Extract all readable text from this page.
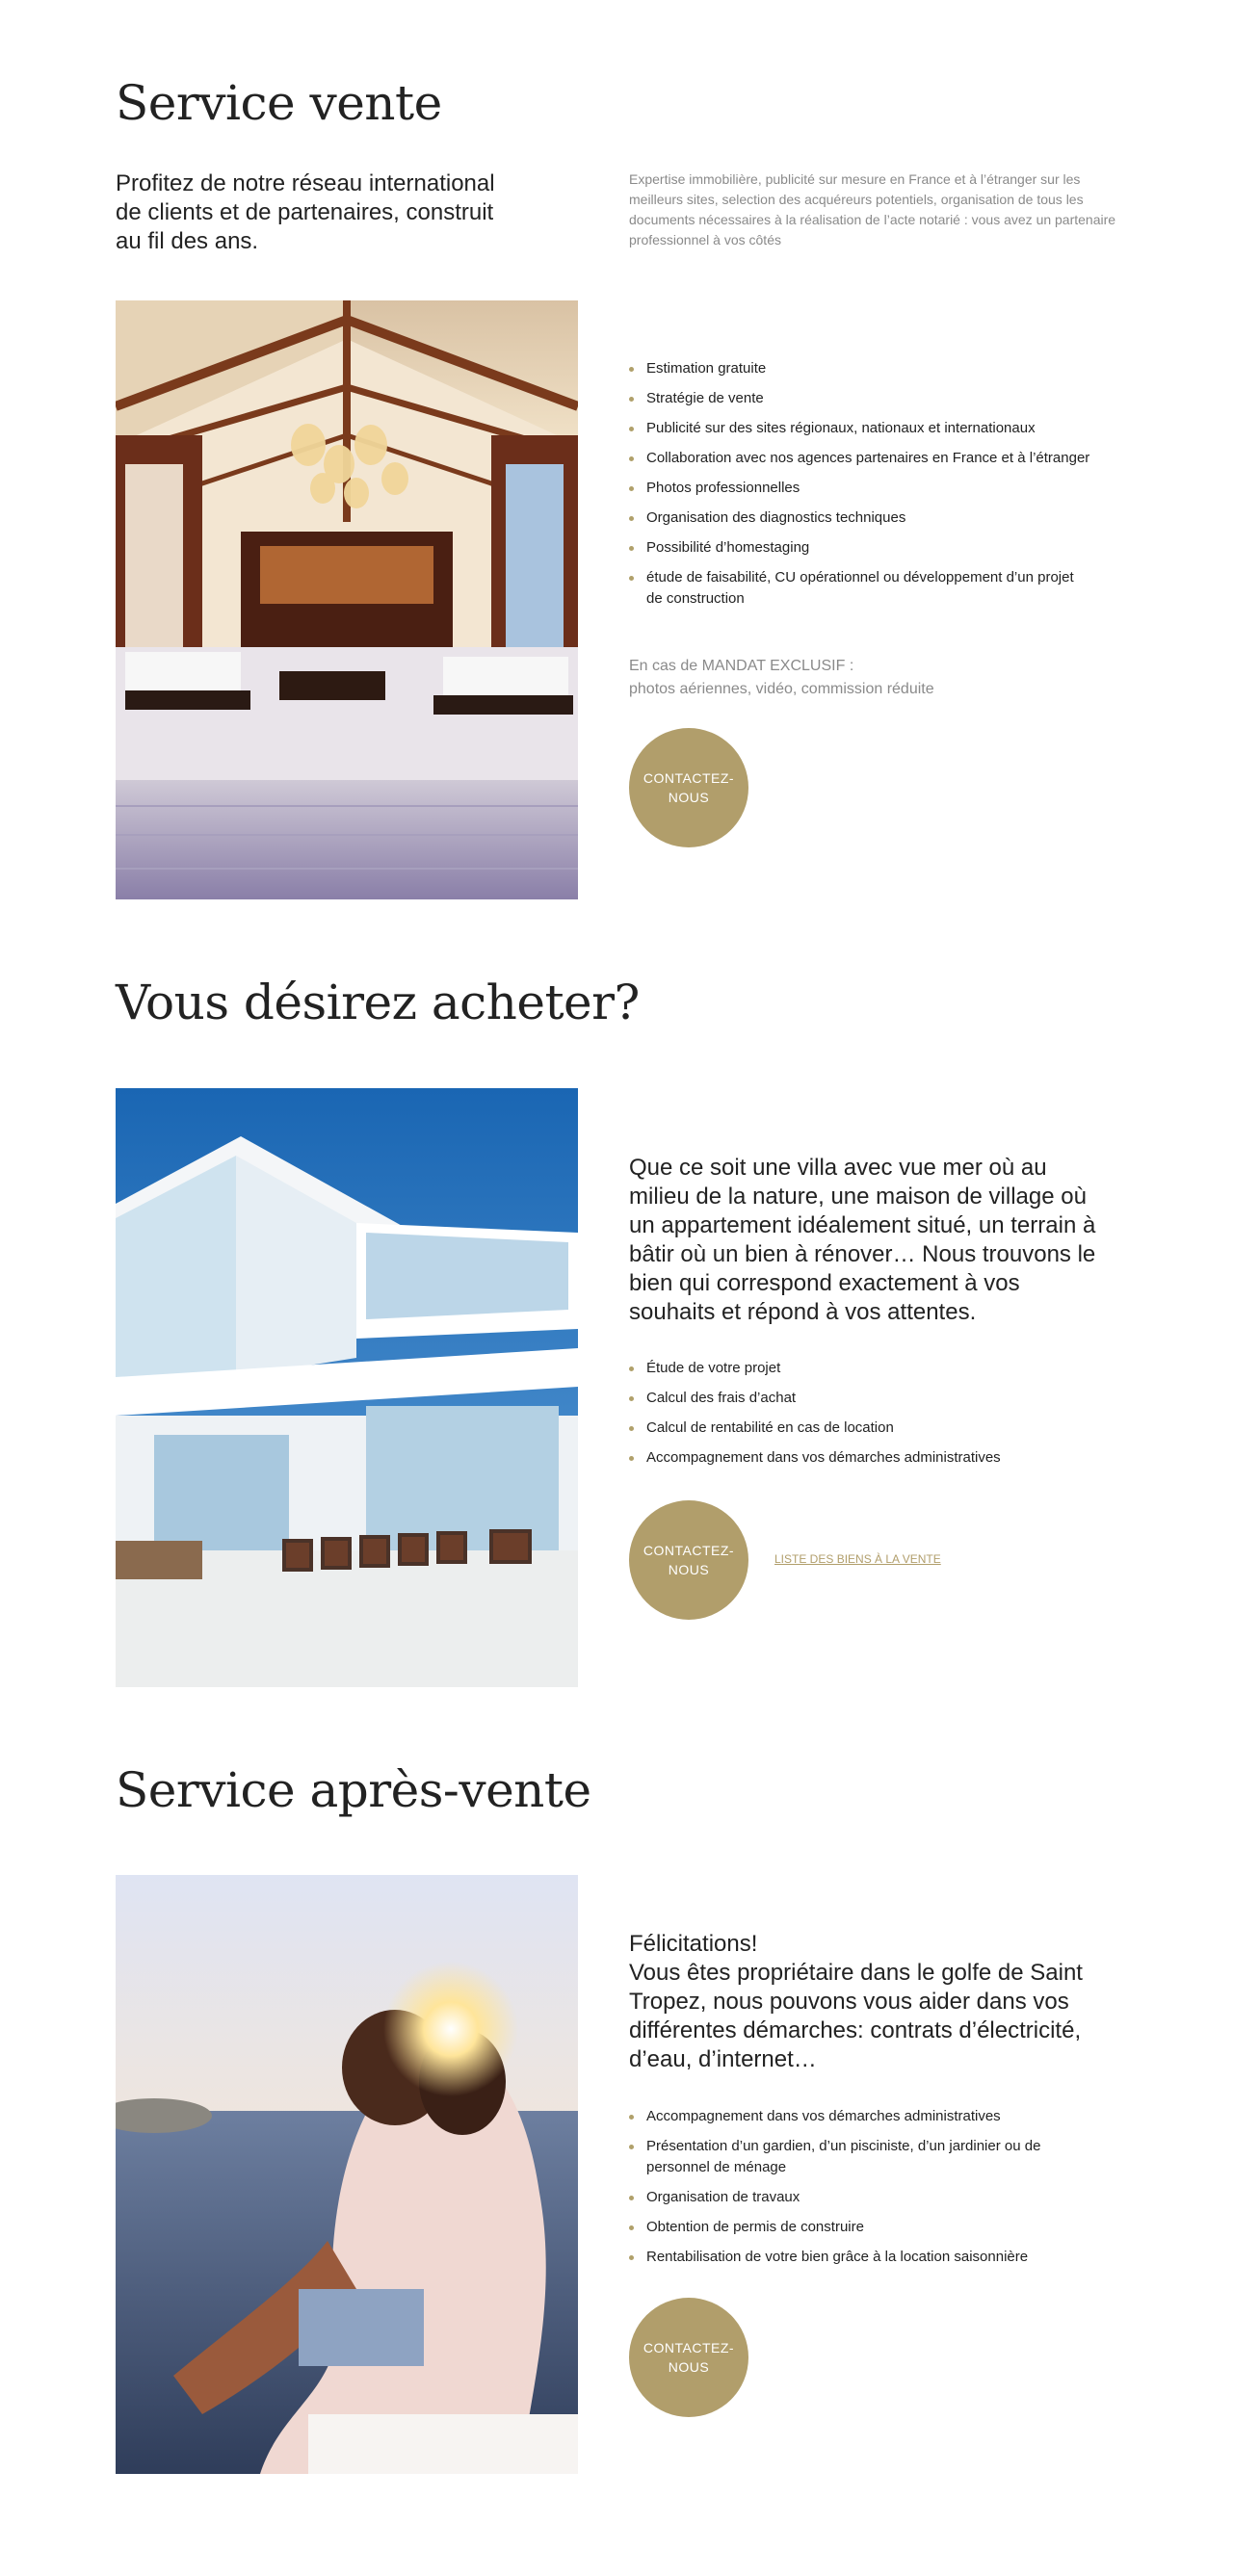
Service vente

Profitez de notre réseau international de clients et de partenaires, construit au fil des ans.

Expertise immobilière, publicité sur mesure en France et à l’étranger sur les meilleurs sites, selection des acquéreurs potentiels, organisation de tous les documents nécessaires à la réalisation de l’acte notarié : vous avez un partenaire professionnel à vos côtés

Estimation gratuite
Stratégie de vente
Publicité sur des sites régionaux, nationaux et internationaux
Collaboration avec nos agences partenaires en France et à l’étranger
Photos professionnelles
Organisation des diagnostics techniques
Possibilité d’homestaging
étude de faisabilité, CU opérationnel ou développement d’un projet de construction

En cas de MANDAT EXCLUSIF :
photos aériennes, vidéo, commission réduite

CONTACTEZ-
NOUS
Vous désirez acheter?

Que ce soit une villa avec vue mer où au milieu de la nature, une maison de village où un appartement idéalement situé, un terrain à bâtir où un bien à rénover… Nous trouvons le bien qui correspond exactement à vos souhaits et répond à vos attentes.

Étude de votre projet
Calcul des frais d’achat
Calcul de rentabilité en cas de location
Accompagnement dans vos démarches administratives
CONTACTEZ-
NOUS
LISTE DES BIENS À LA VENTE
Service après-vente

Félicitations!
Vous êtes propriétaire dans le golfe de Saint Tropez, nous pouvons vous aider dans vos différentes démarches: contrats d’électricité, d’eau, d’internet…

Accompagnement dans vos démarches administratives
Présentation d’un gardien, d’un pisciniste, d’un jardinier ou de personnel de ménage
Organisation de travaux
Obtention de permis de construire
Rentabilisation de votre bien grâce à la location saisonnière
CONTACTEZ-
NOUS
